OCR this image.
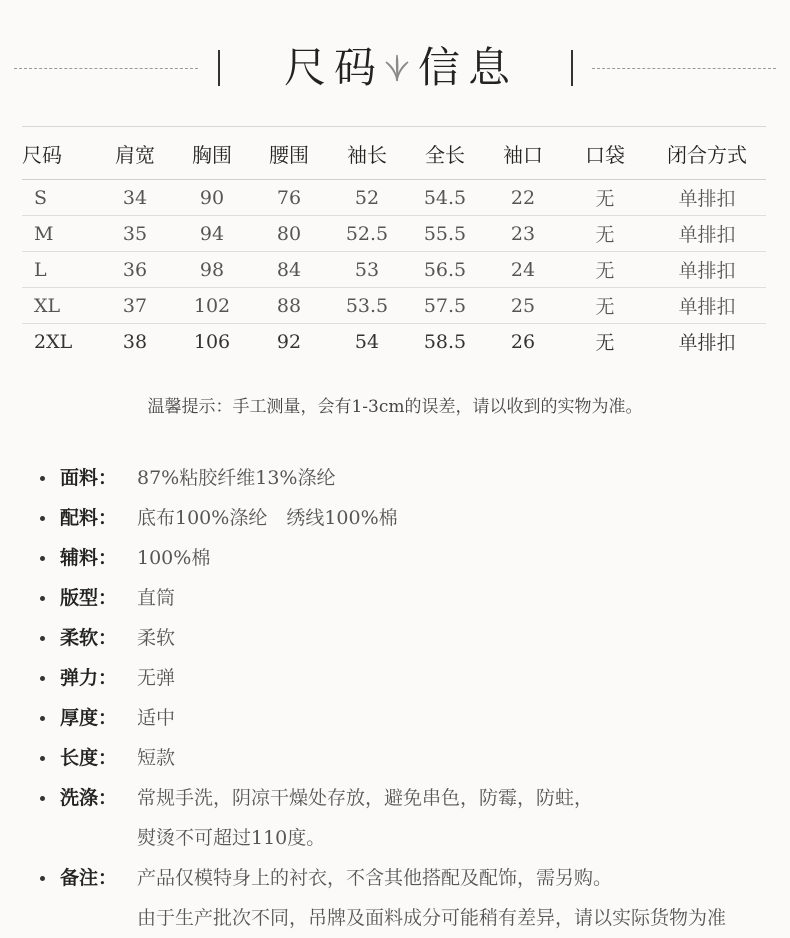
尺码 信息
尺码	肩宽	胸围	腰围	袖长	全长	袖口	口袋	闭合方式
S	34	90	76	52	54.5	22	无	单排扣
M	35	94	80	52.5	55.5	23	无	单排扣
L	36	98	84	53	56.5	24	无	单排扣
XL	37	102	88	53.5	57.5	25	无	单排扣
2XL	38	106	92	54	58.5	26	无	单排扣
温馨提示：手工测量，会有1-3cm的误差，请以收到的实物为准。
面料： 87%粘胶纤维13%涤纶
配料： 底布100%涤纶　绣线100%棉
辅料： 100%棉
版型： 直筒
柔软： 柔软
弹力： 无弹
厚度： 适中
长度： 短款
洗涤： 常规手洗，阴凉干燥处存放，避免串色，防霉，防蛀，
熨烫不可超过110度。
备注： 产品仅模特身上的衬衣，不含其他搭配及配饰，需另购。
由于生产批次不同，吊牌及面料成分可能稍有差异，请以实际货物为准
